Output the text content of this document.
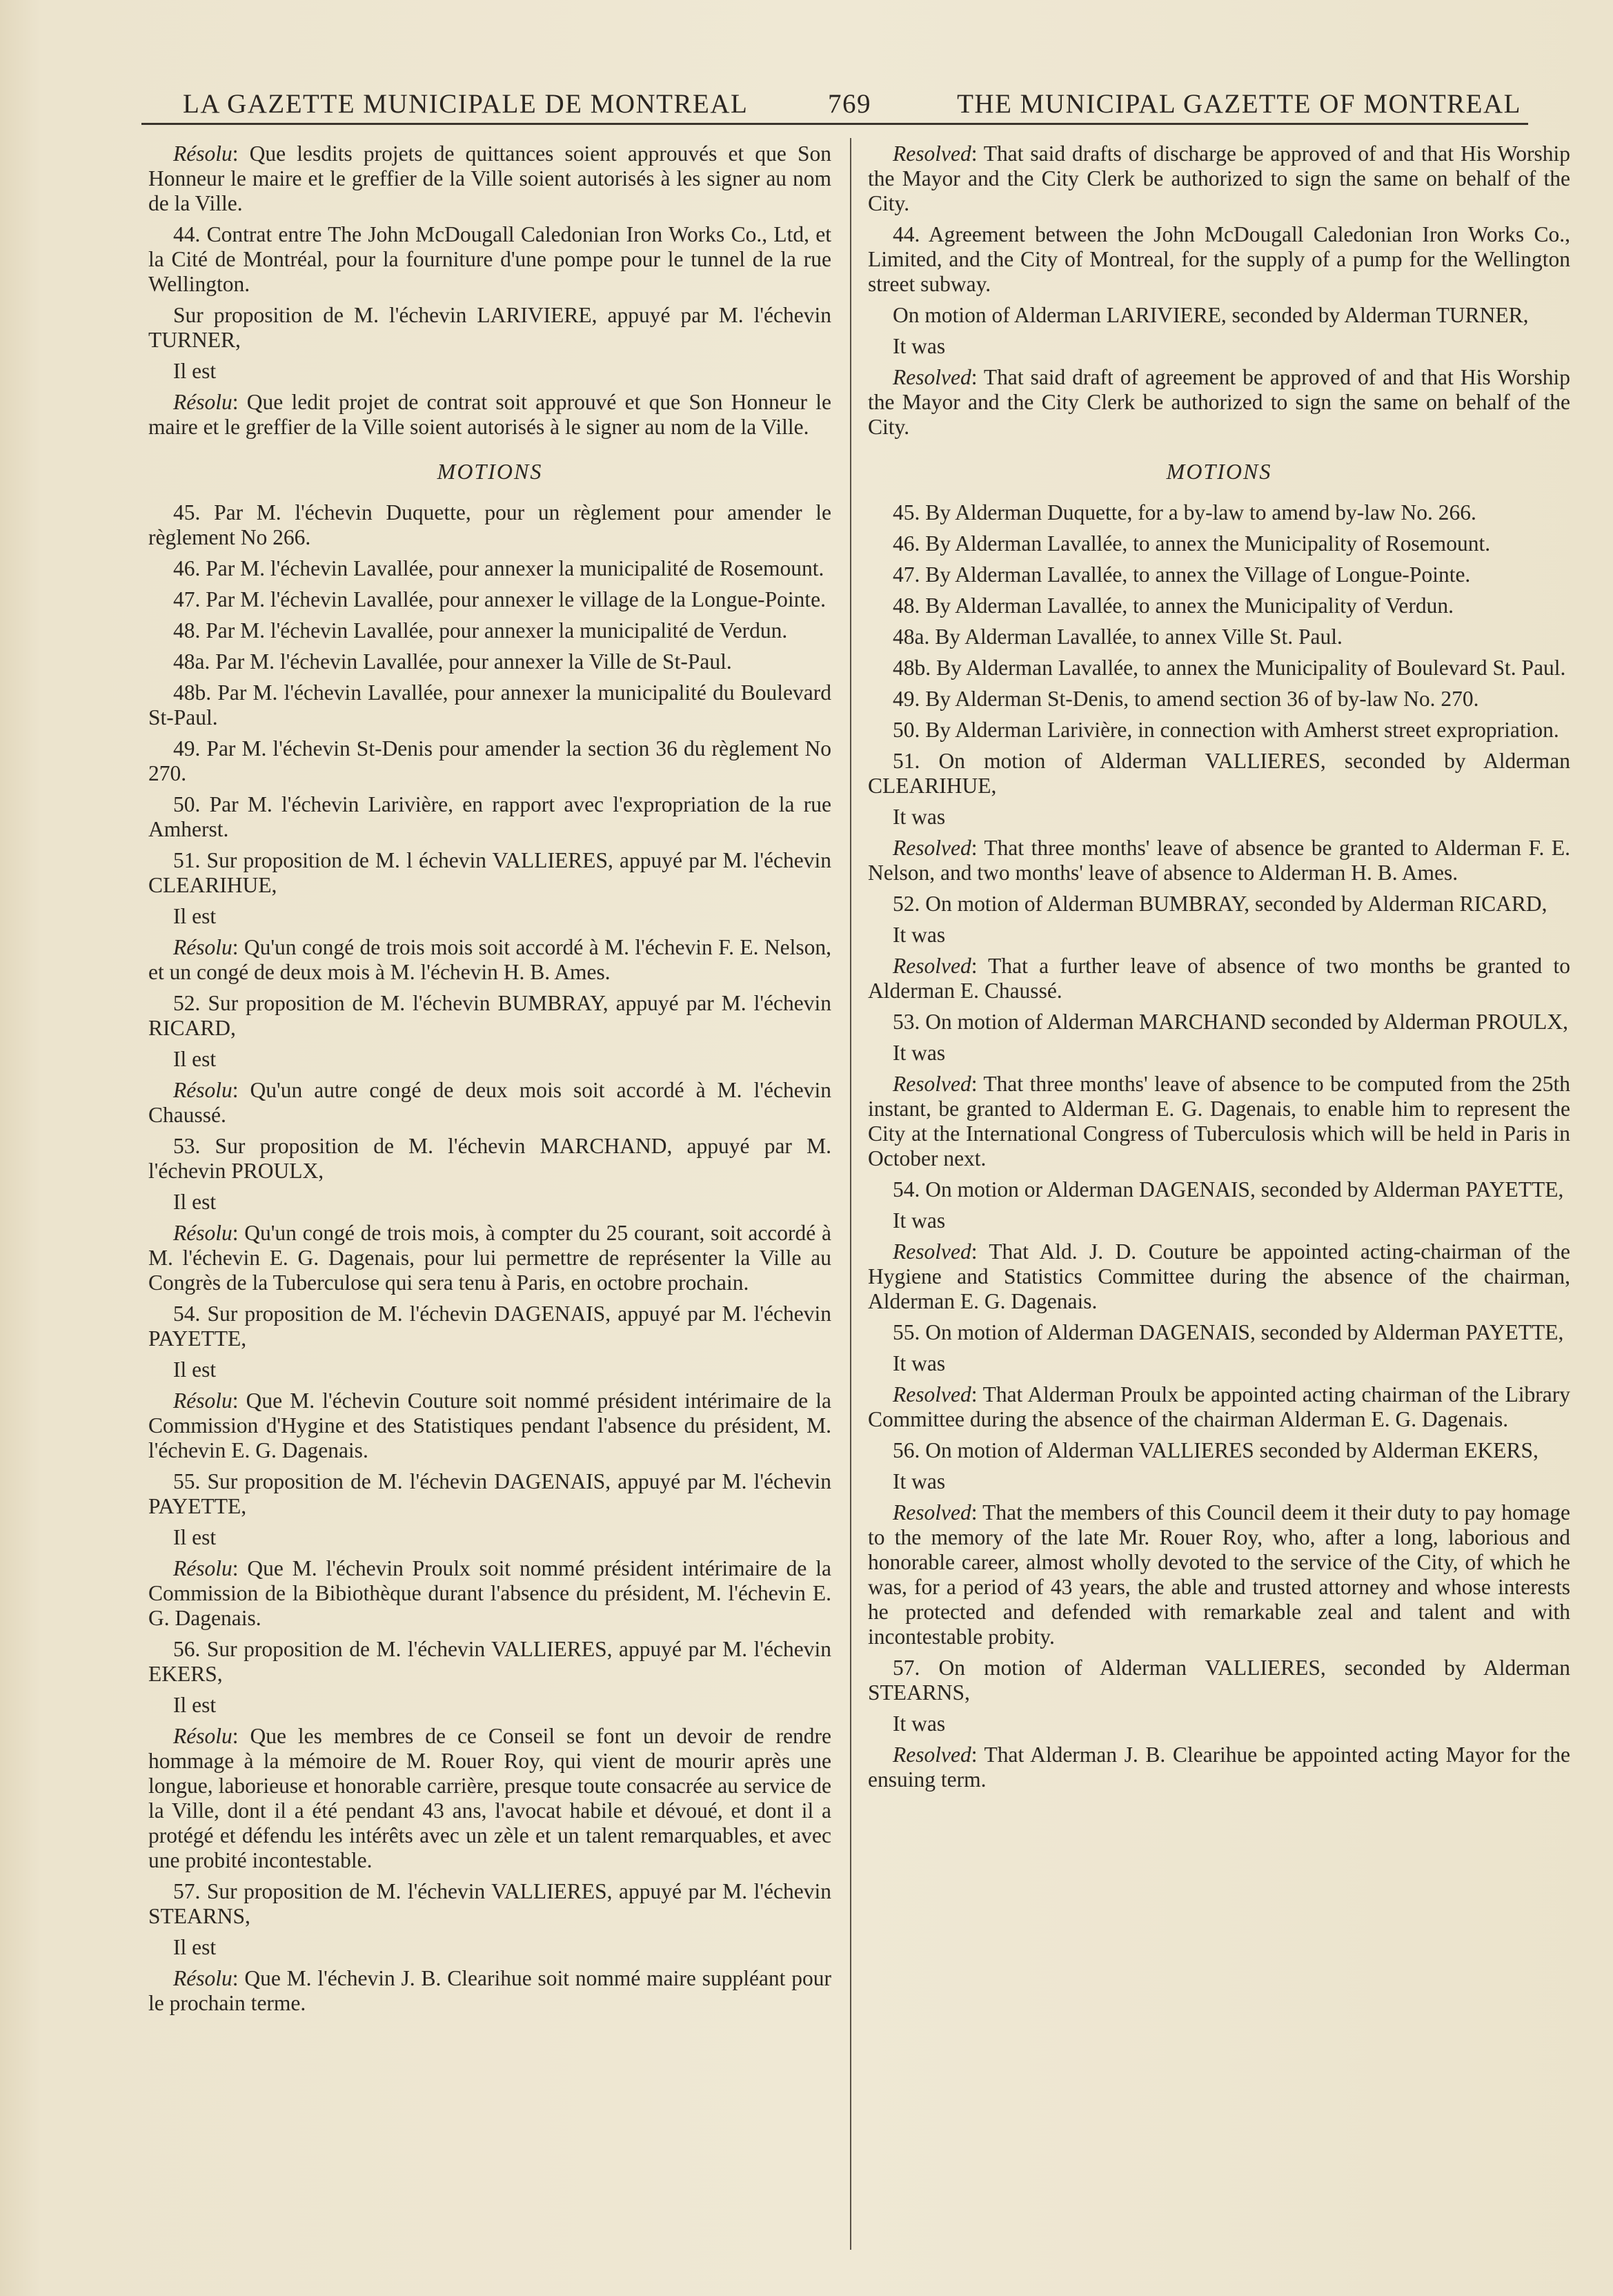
LA GAZETTE MUNICIPALE DE MONTREAL	769	THE MUNICIPAL GAZETTE OF MONTREAL

Résolu: Que lesdits projets de quittances soient approuvés et que Son Honneur le maire et le greffier de la Ville soient autorisés à les signer au nom de la Ville.

44. Contrat entre The John McDougall Caledonian Iron Works Co., Ltd, et la Cité de Montréal, pour la fourniture d'une pompe pour le tunnel de la rue Wellington.

Sur proposition de M. l'échevin LARIVIERE, appuyé par M. l'échevin TURNER,

Il est

Résolu: Que ledit projet de contrat soit approuvé et que Son Honneur le maire et le greffier de la Ville soient autorisés à le signer au nom de la Ville.

MOTIONS

45. Par M. l'échevin Duquette, pour un règlement pour amender le règlement No 266.

46. Par M. l'échevin Lavallée, pour annexer la municipalité de Rosemount.

47. Par M. l'échevin Lavallée, pour annexer le village de la Longue-Pointe.

48. Par M. l'échevin Lavallée, pour annexer la municipalité de Verdun.

48a. Par M. l'échevin Lavallée, pour annexer la Ville de St-Paul.

48b. Par M. l'échevin Lavallée, pour annexer la municipalité du Boulevard St-Paul.

49. Par M. l'échevin St-Denis pour amender la section 36 du règlement No 270.

50. Par M. l'échevin Larivière, en rapport avec l'expropriation de la rue Amherst.

51. Sur proposition de M. l échevin VALLIERES, appuyé par M. l'échevin CLEARIHUE,

Il est

Résolu: Qu'un congé de trois mois soit accordé à M. l'échevin F. E. Nelson, et un congé de deux mois à M. l'échevin H. B. Ames.

52. Sur proposition de M. l'échevin BUMBRAY, appuyé par M. l'échevin RICARD,

Il est

Résolu: Qu'un autre congé de deux mois soit accordé à M. l'échevin Chaussé.

53. Sur proposition de M. l'échevin MARCHAND, appuyé par M. l'échevin PROULX,

Il est

Résolu: Qu'un congé de trois mois, à compter du 25 courant, soit accordé à M. l'échevin E. G. Dagenais, pour lui permettre de représenter la Ville au Congrès de la Tuberculose qui sera tenu à Paris, en octobre prochain.

54. Sur proposition de M. l'échevin DAGENAIS, appuyé par M. l'échevin PAYETTE,

Il est

Résolu: Que M. l'échevin Couture soit nommé président intérimaire de la Commission d'Hygine et des Statistiques pendant l'absence du président, M. l'échevin E. G. Dagenais.

55. Sur proposition de M. l'échevin DAGENAIS, appuyé par M. l'échevin PAYETTE,

Il est

Résolu: Que M. l'échevin Proulx soit nommé président intérimaire de la Commission de la Bibiothèque durant l'absence du président, M. l'échevin E. G. Dagenais.

56. Sur proposition de M. l'échevin VALLIERES, appuyé par M. l'échevin EKERS,

Il est

Résolu: Que les membres de ce Conseil se font un devoir de rendre hommage à la mémoire de M. Rouer Roy, qui vient de mourir après une longue, laborieuse et honorable carrière, presque toute consacrée au service de la Ville, dont il a été pendant 43 ans, l'avocat habile et dévoué, et dont il a protégé et défendu les intérêts avec un zèle et un talent remarquables, et avec une probité incontestable.

57. Sur proposition de M. l'échevin VALLIERES, appuyé par M. l'échevin STEARNS,

Il est

Résolu: Que M. l'échevin J. B. Clearihue soit nommé maire suppléant pour le prochain terme.

Resolved: That said drafts of discharge be approved of and that His Worship the Mayor and the City Clerk be authorized to sign the same on behalf of the City.

44. Agreement between the John McDougall Caledonian Iron Works Co., Limited, and the City of Montreal, for the supply of a pump for the Wellington street subway.

On motion of Alderman LARIVIERE, seconded by Alderman TURNER,

It was

Resolved: That said draft of agreement be approved of and that His Worship the Mayor and the City Clerk be authorized to sign the same on behalf of the City.

MOTIONS

45. By Alderman Duquette, for a by-law to amend by-law No. 266.

46. By Alderman Lavallée, to annex the Municipality of Rosemount.

47. By Alderman Lavallée, to annex the Village of Longue-Pointe.

48. By Alderman Lavallée, to annex the Municipality of Verdun.

48a. By Alderman Lavallée, to annex Ville St. Paul.

48b. By Alderman Lavallée, to annex the Municipality of Boulevard St. Paul.

49. By Alderman St-Denis, to amend section 36 of by-law No. 270.

50. By Alderman Larivière, in connection with Amherst street expropriation.

51. On motion of Alderman VALLIERES, seconded by Alderman CLEARIHUE,

It was

Resolved: That three months' leave of absence be granted to Alderman F. E. Nelson, and two months' leave of absence to Alderman H. B. Ames.

52. On motion of Alderman BUMBRAY, seconded by Alderman RICARD,

It was

Resolved: That a further leave of absence of two months be granted to Alderman E. Chaussé.

53. On motion of Alderman MARCHAND seconded by Alderman PROULX,

It was

Resolved: That three months' leave of absence to be computed from the 25th instant, be granted to Alderman E. G. Dagenais, to enable him to represent the City at the International Congress of Tuberculosis which will be held in Paris in October next.

54. On motion or Alderman DAGENAIS, seconded by Alderman PAYETTE,

It was

Resolved: That Ald. J. D. Couture be appointed acting-chairman of the Hygiene and Statistics Committee during the absence of the chairman, Alderman E. G. Dagenais.

55. On motion of Alderman DAGENAIS, seconded by Alderman PAYETTE,

It was

Resolved: That Alderman Proulx be appointed acting chairman of the Library Committee during the absence of the chairman Alderman E. G. Dagenais.

56. On motion of Alderman VALLIERES seconded by Alderman EKERS,

It was

Resolved: That the members of this Council deem it their duty to pay homage to the memory of the late Mr. Rouer Roy, who, after a long, laborious and honorable career, almost wholly devoted to the service of the City, of which he was, for a period of 43 years, the able and trusted attorney and whose interests he protected and defended with remarkable zeal and talent and with incontestable probity.

57. On motion of Alderman VALLIERES, seconded by Alderman STEARNS,

It was

Resolved: That Alderman J. B. Clearihue be appointed acting Mayor for the ensuing term.
